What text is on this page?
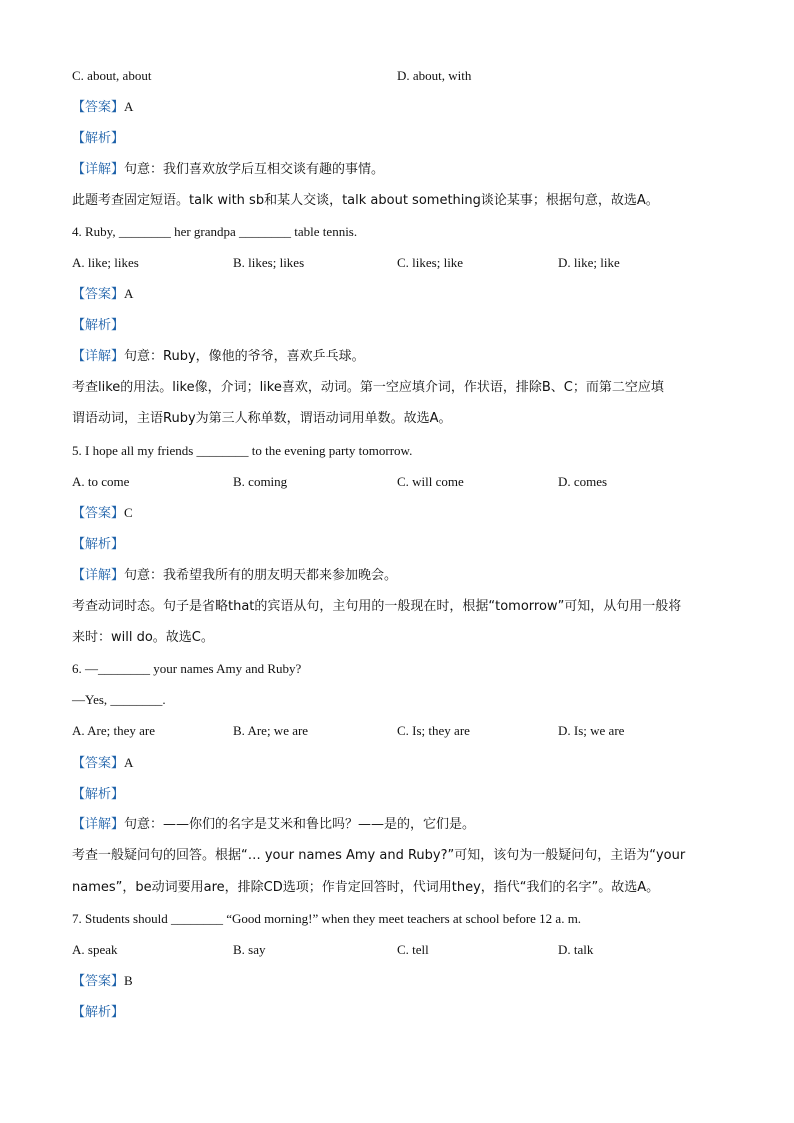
C. about, about	D. about, with
【答案】A
【解析】
【详解】句意：我们喜欢放学后互相交谈有趣的事情。
此题考查固定短语。talk with sb和某人交谈，talk about something谈论某事；根据句意，故选A。
4. Ruby, ________ her grandpa ________ table tennis.
A. like; likes	B. likes; likes	C. likes; like	D. like; like
【答案】A
【解析】
【详解】句意：Ruby，像他的爷爷，喜欢乒乓球。
考查like的用法。like像，介词；like喜欢，动词。第一空应填介词，作状语，排除B、C；而第二空应填
谓语动词，主语Ruby为第三人称单数，谓语动词用单数。故选A。
5. I hope all my friends ________ to the evening party tomorrow.
A. to come	B. coming	C. will come	D. comes
【答案】C
【解析】
【详解】句意：我希望我所有的朋友明天都来参加晚会。
考查动词时态。句子是省略that的宾语从句，主句用的一般现在时，根据“tomorrow”可知，从句用一般将
来时：will do。故选C。
6. —________ your names Amy and Ruby?
—Yes, ________.
A. Are; they are	B. Are; we are	C. Is; they are	D. Is; we are
【答案】A
【解析】
【详解】句意：——你们的名字是艾米和鲁比吗？——是的，它们是。
考查一般疑问句的回答。根据“… your names Amy and Ruby?”可知，该句为一般疑问句，主语为“your
names”，be动词要用are，排除CD选项；作肯定回答时，代词用they，指代“我们的名字”。故选A。
7. Students should ________ “Good morning!” when they meet teachers at school before 12 a. m.
A. speak	B. say	C. tell	D. talk
【答案】B
【解析】
